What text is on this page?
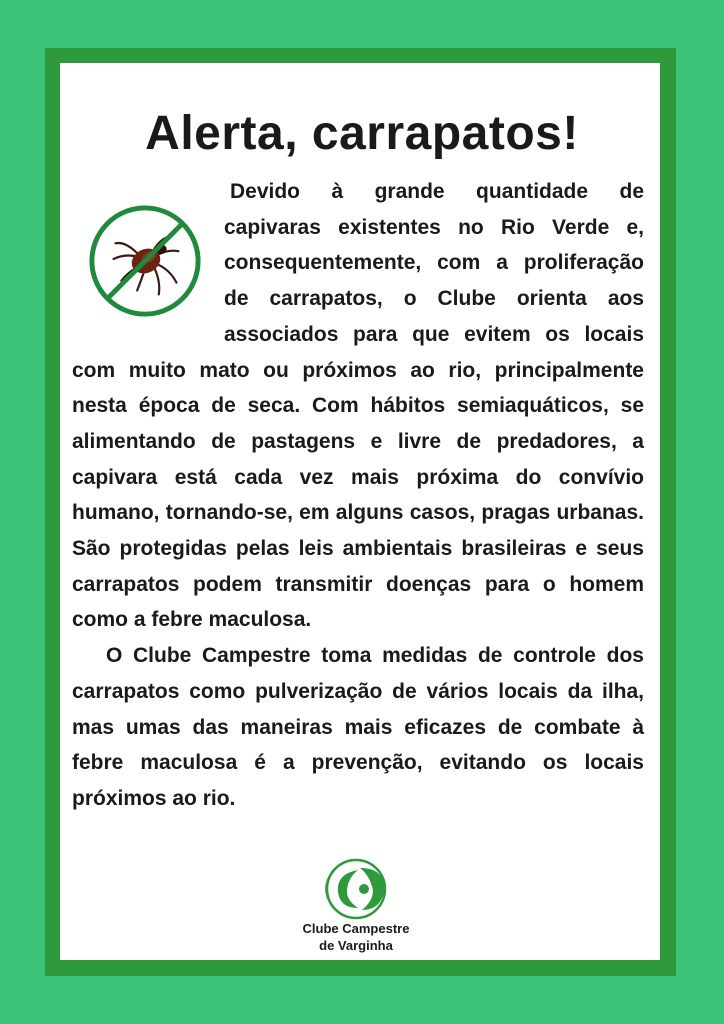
Alerta, carrapatos!

Devido à grande quantidade de capivaras existentes no Rio Verde e, consequentemente, com a proliferação de carrapatos, o Clube orienta aos associados para que evitem os locais com muito mato ou próximos ao rio, principalmente nesta época de seca. Com hábitos semiaquáticos, se alimentando de pastagens e livre de predadores, a capivara está cada vez mais próxima do convívio humano, tornando-se, em alguns casos, pragas urbanas. São protegidas pelas leis ambientais brasileiras e seus carrapatos podem transmitir doenças para o homem como a febre maculosa.

O Clube Campestre toma medidas de controle dos carrapatos como pulverização de vários locais da ilha, mas umas das maneiras mais eficazes de combate à febre maculosa é a prevenção, evitando os locais próximos ao rio.

Clube Campestre
de Varginha
